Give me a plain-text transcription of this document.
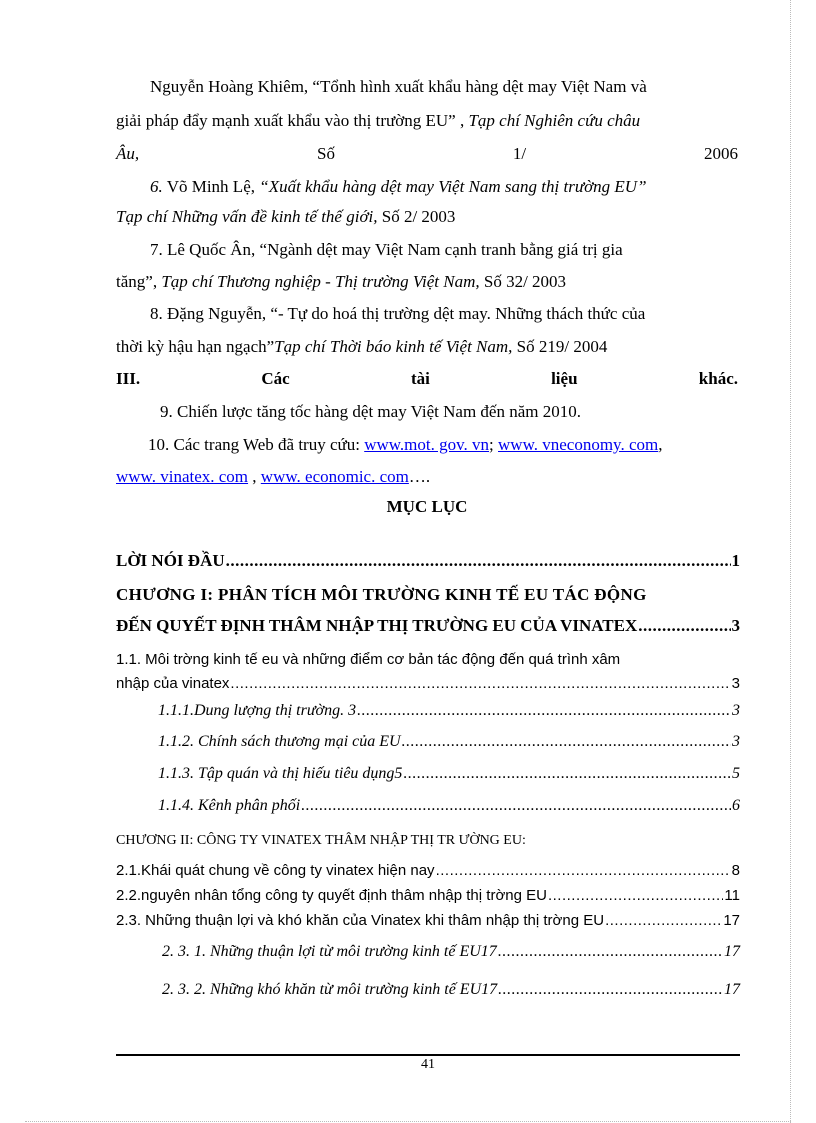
Nguyễn Hoàng Khiêm, “Tổnh hình xuất khẩu hàng dệt may Việt Nam và

giải pháp đẩy mạnh xuất khẩu vào thị trường EU” , Tạp chí Nghiên cứu châu

Âu,	Số	1/	2006

6. Võ Minh Lệ, “Xuất khẩu hàng dệt may Việt Nam sang thị trường EU”

Tạp chí Những vấn đề kinh tế thế giới, Số 2/ 2003

7. Lê Quốc Ân, “Ngành dệt may Việt Nam cạnh tranh bằng giá trị gia

tăng”, Tạp chí Thương nghiệp - Thị trường Việt Nam, Số 32/ 2003

8. Đặng Nguyễn, “- Tự do hoá thị trường dệt may. Những thách thức của

thời kỳ hậu hạn ngạch”Tạp chí Thời báo kinh tế Việt Nam, Số 219/ 2004

III.	Các	tài	liệu	khác.

9. Chiến lược tăng tốc hàng dệt may Việt Nam đến năm 2010.

10. Các trang Web đã truy cứu: www.mot. gov. vn; www. vneconomy. com,

www. vinatex. com , www. economic. com….

MỤC LỤC
LỜI NÓI ĐẦU .....	1
CHƯƠNG I: PHÂN TÍCH MÔI TRƯỜNG KINH TẾ EU TÁC ĐỘNG
ĐẾN QUYẾT ĐỊNH THÂM NHẬP THỊ TRƯỜNG EU CỦA VINATEX .....	3
1.1. Môi trờng kinh tế eu và những điểm cơ bản tác động đến quá trình xâm
nhập của vinatex .....	3
1.1.1.Dung lượng thị trường. 3 .....	3
1.1.2. Chính sách thương mại của EU .....	3
1.1.3. Tập quán và thị hiếu tiêu dụng5 .....	5
1.1.4. Kênh phân phối .....	6
CHƯƠNG II: CÔNG TY VINATEX THÂM NHẬP THỊ TR ƯỜNG EU:
2.1.Khái quát chung về công ty vinatex hiện nay .....	8
2.2.nguyên nhân tổng công ty quyết định thâm nhập thị trờng EU .....	11
2.3. Những thuận lợi và khó khăn của Vinatex khi thâm nhập thị trờng EU .....	17
2. 3. 1. Những thuận lợi từ môi trường kinh tế EU17 .....	17
2. 3. 2. Những khó khăn từ môi trường kinh tế EU17 .....	17
41
